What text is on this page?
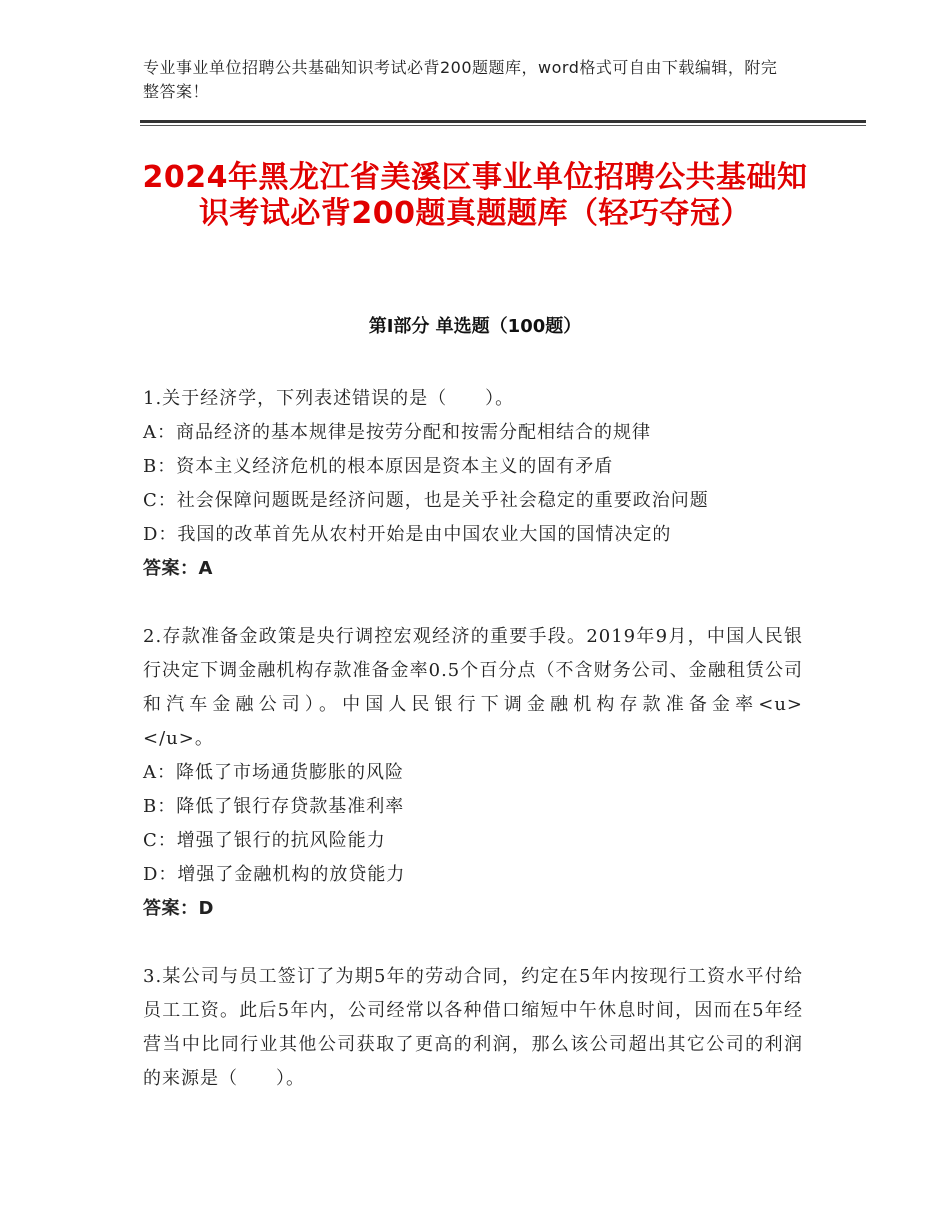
专业事业单位招聘公共基础知识考试必背200题题库，word格式可自由下载编辑，附完整答案！
2024年黑龙江省美溪区事业单位招聘公共基础知识考试必背200题真题题库（轻巧夺冠）
第Ⅰ部分 单选题（100题）

1.关于经济学，下列表述错误的是（　　）。

A：商品经济的基本规律是按劳分配和按需分配相结合的规律

B：资本主义经济危机的根本原因是资本主义的固有矛盾

C：社会保障问题既是经济问题，也是关乎社会稳定的重要政治问题

D：我国的改革首先从农村开始是由中国农业大国的国情决定的

答案：A

2.存款准备金政策是央行调控宏观经济的重要手段。2019年9月，中国人民银行决定下调金融机构存款准备金率0.5个百分点（不含财务公司、金融租赁公司和汽车金融公司）。中国人民银行下调金融机构存款准备金率<u>　　　　　</u>。

A：降低了市场通货膨胀的风险

B：降低了银行存贷款基准利率

C：增强了银行的抗风险能力

D：增强了金融机构的放贷能力

答案：D

3.某公司与员工签订了为期5年的劳动合同，约定在5年内按现行工资水平付给员工工资。此后5年内，公司经常以各种借口缩短中午休息时间，因而在5年经营当中比同行业其他公司获取了更高的利润，那么该公司超出其它公司的利润的来源是（　　）。
